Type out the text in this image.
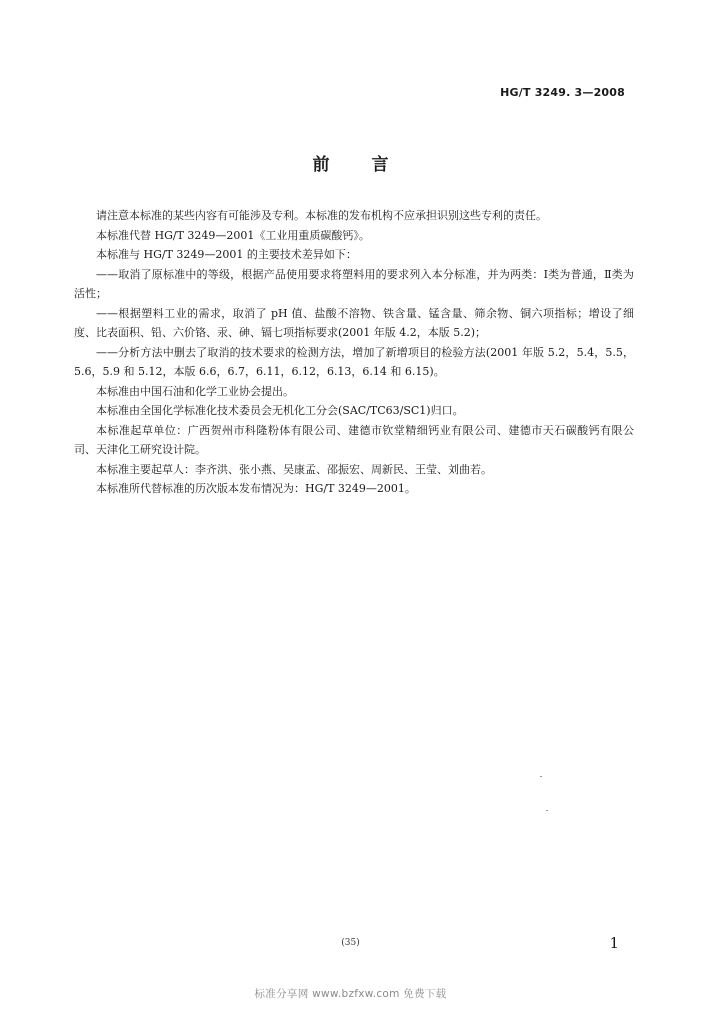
HG/T 3249. 3—2008
前言

请注意本标准的某些内容有可能涉及专利。本标准的发布机构不应承担识别这些专利的责任。

本标准代替 HG/T 3249—2001《工业用重质碳酸钙》。

本标准与 HG/T 3249—2001 的主要技术差异如下：

——取消了原标准中的等级，根据产品使用要求将塑料用的要求列入本分标准，并为两类：Ⅰ类为普通，Ⅱ类为活性；

——根据塑料工业的需求，取消了 pH 值、盐酸不溶物、铁含量、锰含量、筛余物、铜六项指标；增设了细度、比表面积、铅、六价铬、汞、砷、镉七项指标要求(2001 年版 4.2，本版 5.2)；

——分析方法中删去了取消的技术要求的检测方法，增加了新增项目的检验方法(2001 年版 5.2，5.4，5.5，5.6，5.9 和 5.12，本版 6.6，6.7，6.11，6.12，6.13，6.14 和 6.15)。

本标准由中国石油和化学工业协会提出。

本标准由全国化学标准化技术委员会无机化工分会(SAC/TC63/SC1)归口。

本标准起草单位：广西贺州市科隆粉体有限公司、建德市钦堂精细钙业有限公司、建德市天石碳酸钙有限公司、天津化工研究设计院。

本标准主要起草人：李齐洪、张小燕、吴康孟、邵振宏、周新民、王莹、刘曲若。

本标准所代替标准的历次版本发布情况为：HG/T 3249—2001。

(35)	1
标准分享网 www.bzfxw.com 免费下载
